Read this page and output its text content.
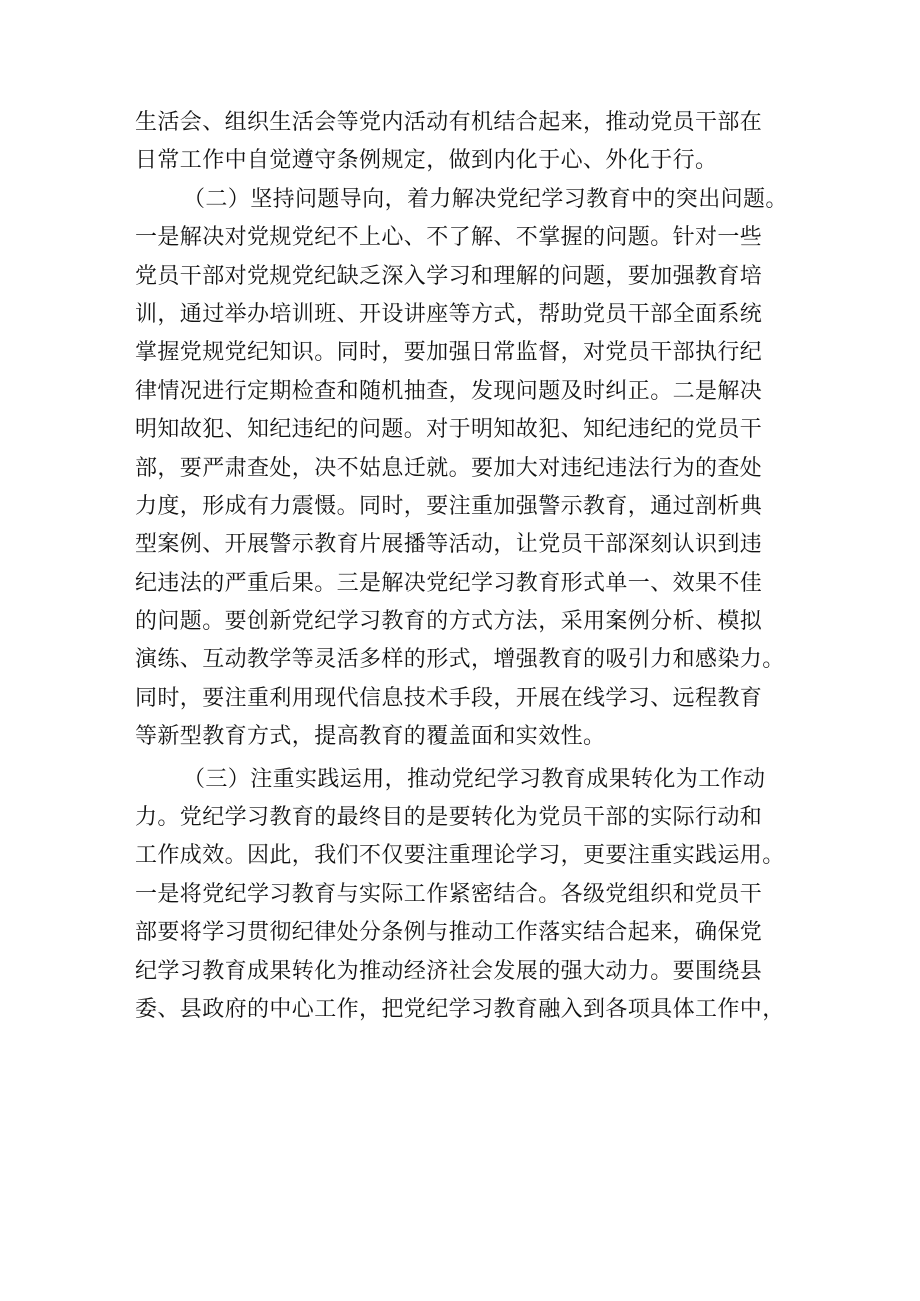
生活会、组织生活会等党内活动有机结合起来，推动党员干部在
日常工作中自觉遵守条例规定，做到内化于心、外化于行。
（二）坚持问题导向，着力解决党纪学习教育中的突出问题。
一是解决对党规党纪不上心、不了解、不掌握的问题。针对一些
党员干部对党规党纪缺乏深入学习和理解的问题，要加强教育培
训，通过举办培训班、开设讲座等方式，帮助党员干部全面系统
掌握党规党纪知识。同时，要加强日常监督，对党员干部执行纪
律情况进行定期检查和随机抽查，发现问题及时纠正。二是解决
明知故犯、知纪违纪的问题。对于明知故犯、知纪违纪的党员干
部，要严肃查处，决不姑息迁就。要加大对违纪违法行为的查处
力度，形成有力震慑。同时，要注重加强警示教育，通过剖析典
型案例、开展警示教育片展播等活动，让党员干部深刻认识到违
纪违法的严重后果。三是解决党纪学习教育形式单一、效果不佳
的问题。要创新党纪学习教育的方式方法，采用案例分析、模拟
演练、互动教学等灵活多样的形式，增强教育的吸引力和感染力。
同时，要注重利用现代信息技术手段，开展在线学习、远程教育
等新型教育方式，提高教育的覆盖面和实效性。
（三）注重实践运用，推动党纪学习教育成果转化为工作动
力。党纪学习教育的最终目的是要转化为党员干部的实际行动和
工作成效。因此，我们不仅要注重理论学习，更要注重实践运用。
一是将党纪学习教育与实际工作紧密结合。各级党组织和党员干
部要将学习贯彻纪律处分条例与推动工作落实结合起来，确保党
纪学习教育成果转化为推动经济社会发展的强大动力。要围绕县
委、县政府的中心工作，把党纪学习教育融入到各项具体工作中，
